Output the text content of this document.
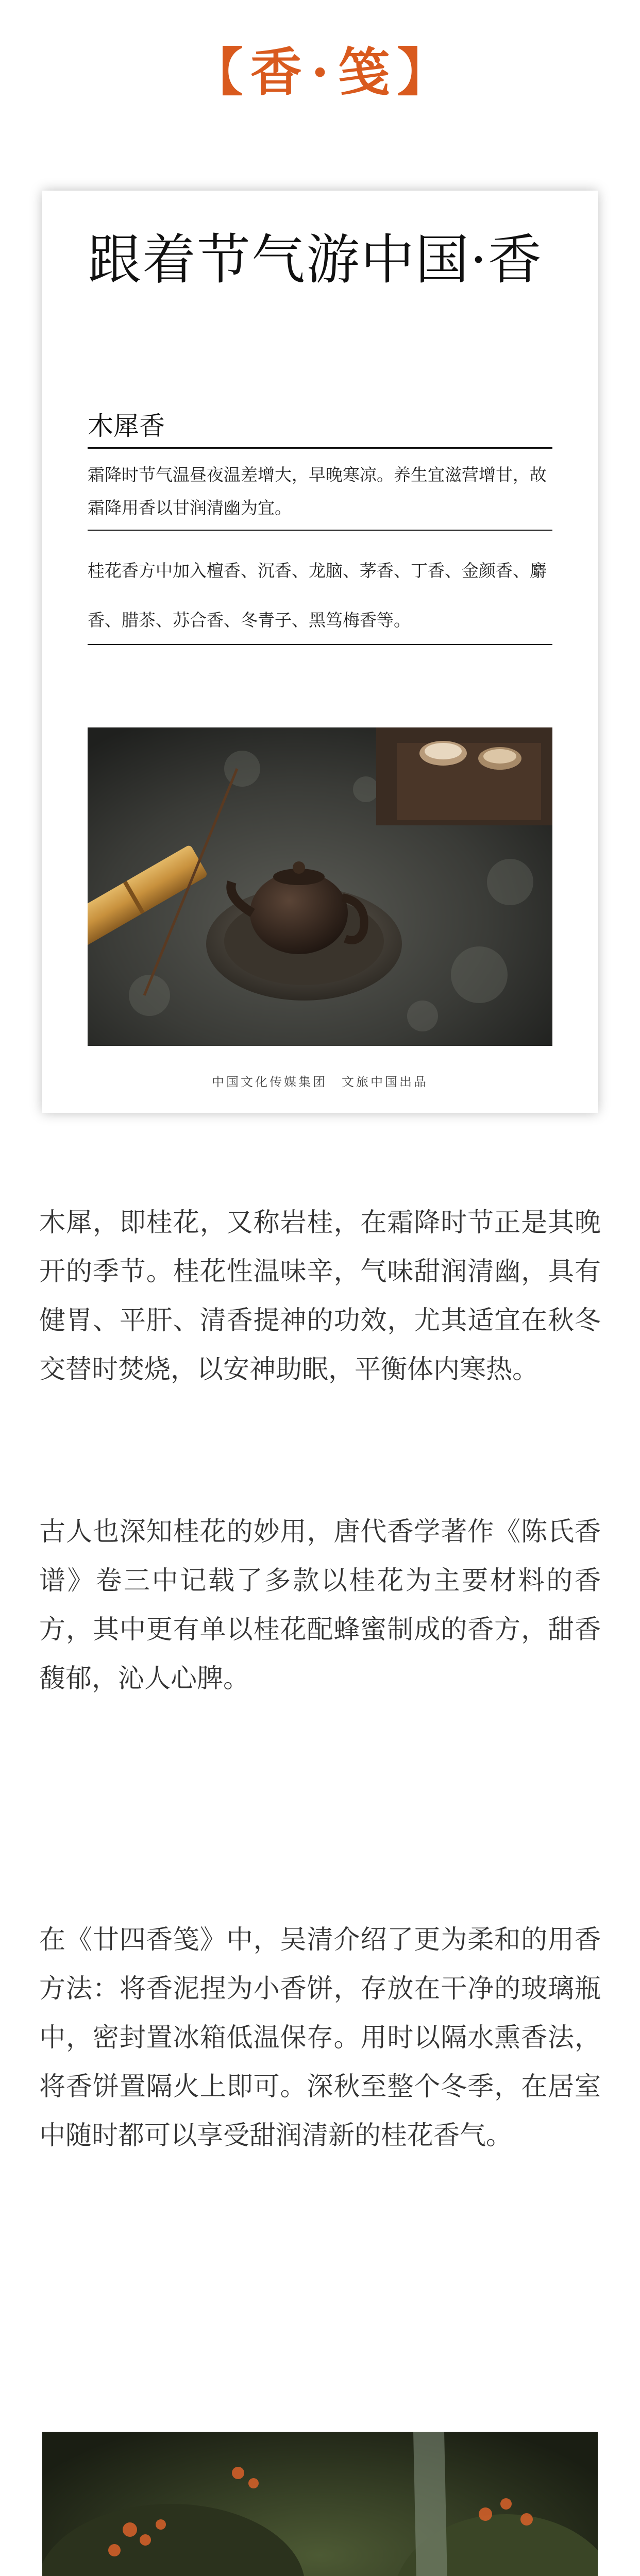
【 香 · 笺 】
跟着节气游中国·香
木犀香
霜降时节气温昼夜温差增大，早晚寒凉。养生宜滋营增甘，故霜降用香以甘润清幽为宜。
桂花香方中加入檀香、沉香、龙脑、茅香、丁香、金颜香、麝香、腊茶、苏合香、冬青子、黑笃梅香等。
中国文化传媒集团　文旅中国出品
木犀，即桂花，又称岩桂，在霜降时节正是其晚开的季节。桂花性温味辛，气味甜润清幽，具有健胃、平肝、清香提神的功效，尤其适宜在秋冬交替时焚烧，以安神助眠，平衡体内寒热。
古人也深知桂花的妙用，唐代香学著作《陈氏香谱》卷三中记载了多款以桂花为主要材料的香方，其中更有单以桂花配蜂蜜制成的香方，甜香馥郁，沁人心脾。
在《廿四香笺》中，吴清介绍了更为柔和的用香方法：将香泥捏为小香饼，存放在干净的玻璃瓶中，密封置冰箱低温保存。用时以隔水熏香法，将香饼置隔火上即可。深秋至整个冬季，在居室中随时都可以享受甜润清新的桂花香气。
